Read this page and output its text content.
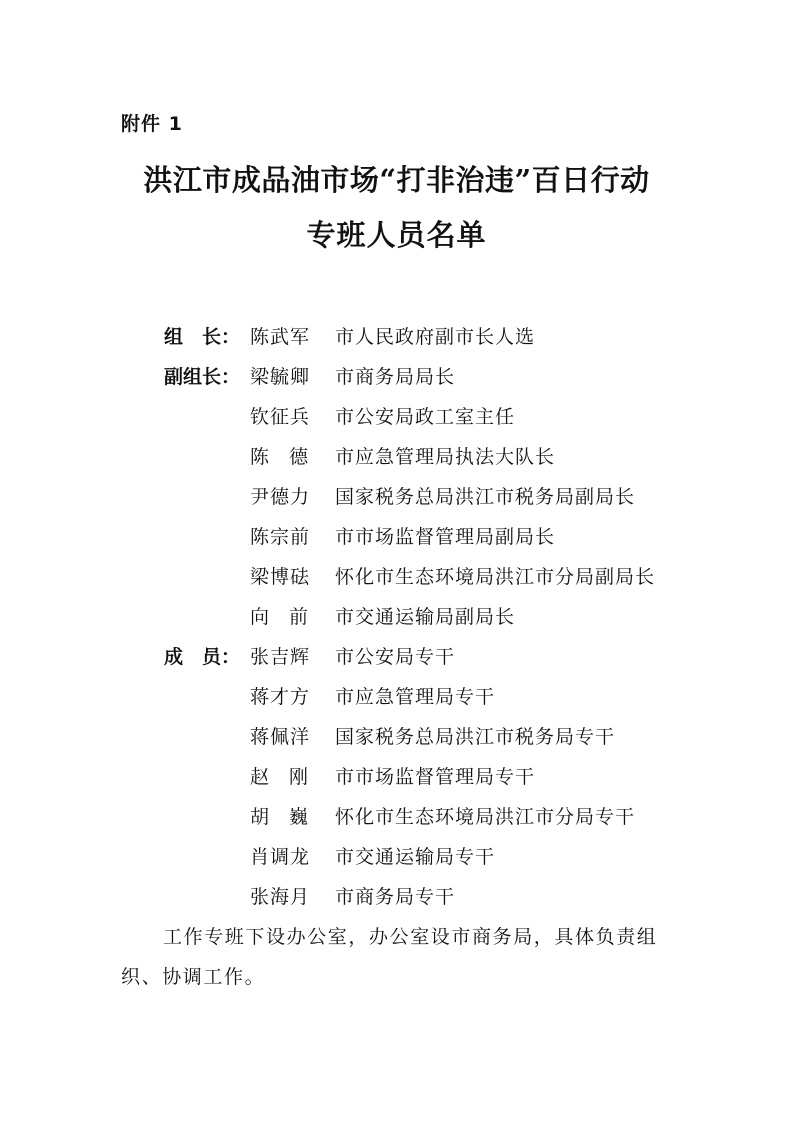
附件 1
洪江市成品油市场“打非治违”百日行动
专班人员名单
组 长： 陈武军	市人民政府副市长人选
副组长： 梁毓卿	市商务局局长
钦征兵	市公安局政工室主任
陈 德	市应急管理局执法大队长
尹德力	国家税务总局洪江市税务局副局长
陈宗前	市市场监督管理局副局长
梁博砝	怀化市生态环境局洪江市分局副局长
向 前	市交通运输局副局长
成 员： 张吉辉	市公安局专干
蒋才方	市应急管理局专干
蒋佩洋	国家税务总局洪江市税务局专干
赵 刚	市市场监督管理局专干
胡 巍	怀化市生态环境局洪江市分局专干
肖调龙	市交通运输局专干
张海月	市商务局专干
工作专班下设办公室，办公室设市商务局，具体负责组织、协调工作。
